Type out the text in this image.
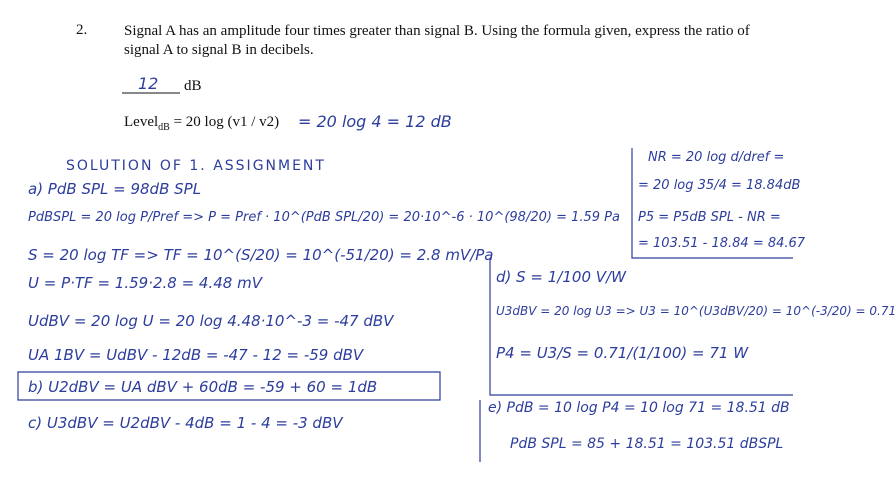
2. Signal A has an amplitude four times greater than signal B. Using the formula given, express the ratio of signal A to signal B in decibels.
12 dB
Level$_{dB}$ = 20 log (v1 / v2) = 20 log 4 = 12 dB
SOLUTION OF 1. ASSIGNMENT
a) PdB SPL = 98dB SPL
PdBSPL = 20 log P/Pref => P = Pref · 10^(PdB SPL/20) = 20·10^-6 · 10^(98/20) = 1.59 Pa
S = 20 log TF => TF = 10^(S/20) = 10^(-51/20) = 2.8 mV/Pa
U = P·TF = 1.59·2.8 = 4.48 mV
UdBV = 20 log U = 20 log 4.48·10^-3 = -47 dBV
UA 1BV = UdBV - 12dB = -47 - 12 = -59 dBV
b) U2dBV = UA dBV + 60dB = -59 + 60 = 1dB
c) U3dBV = U2dBV - 4dB = 1 - 4 = -3 dBV
NR = 20 log d/dref =
= 20 log 35/4 = 18.84dB
P5 = P5dB SPL - NR =
= 103.51 - 18.84 = 84.67
d) S = 1/100 V/W
U3dBV = 20 log U3 => U3 = 10^(U3dBV/20) = 10^(-3/20) = 0.71
P4 = U3/S = 0.71/(1/100) = 71 W
e) PdB = 10 log P4 = 10 log 71 = 18.51 dB
PdB SPL = 85 + 18.51 = 103.51 dBSPL
